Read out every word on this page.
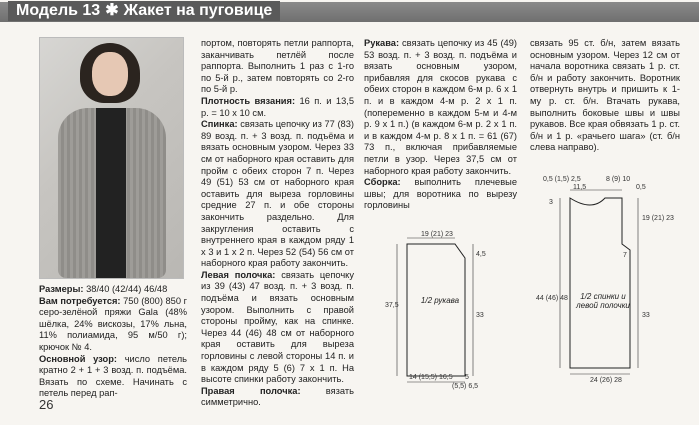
Модель 13 ✱ Жакет на пуговице

Размеры: 38/40 (42/44) 46/48

Вам потребуется: 750 (800) 850 г серо-зелёной пряжи Gala (48% шёлка, 24% вискозы, 17% льна, 11% полиамида, 95 м/50 г); крючок № 4.

Основной узор: число петель кратно 2 + 1 + 3 возд. п. подъёма. Вязать по схеме. Начинать с петель перед рап-

26

портом, повторять петли раппорта, заканчивать петлёй после раппорта. Выполнить 1 раз с 1-го по 5-й р., затем повторять со 2-го по 5-й р.

Плотность вязания: 16 п. и 13,5 р. = 10 х 10 см.

Спинка: связать цепочку из 77 (83) 89 возд. п. + 3 возд. п. подъёма и вязать основным узором. Через 33 см от наборного края оставить для пройм с обеих сторон 7 п. Через 49 (51) 53 см от наборного края оставить для выреза горловины средние 27 п. и обе стороны закончить раздельно. Для закругления оставить с внутреннего края в каждом ряду 1 х 3 и 1 х 2 п. Через 52 (54) 56 см от наборного края работу закончить.

Левая полочка: связать цепочку из 39 (43) 47 возд. п. + 3 возд. п. подъёма и вязать основным узором. Выполнить с правой стороны пройму, как на спинке. Через 44 (46) 48 см от наборного края оставить для выреза горловины с левой стороны 14 п. и в каждом ряду 5 (6) 7 х 1 п. На высоте спинки работу закончить.

Правая полочка: вязать симметрично.

Рукава: связать цепочку из 45 (49) 53 возд. п. + 3 возд. п. подъёма и вязать основным узором, прибавляя для скосов рукава с обеих сторон в каждом 6-м р. 6 х 1 п. и в каждом 4-м р. 2 х 1 п. (попеременно в каждом 5-м и 4-м р. 9 х 1 п.) (в каждом 6-м р. 2 х 1 п. и в каждом 4-м р. 8 х 1 п. = 61 (67) 73 п., включая прибавляемые петли в узор. Через 37,5 см от наборного края работу закончить.

Сборка: выполнить плечевые швы; для воротника по вырезу горловины

связать 95 ст. б/н, затем вязать основным узором. Через 12 см от начала воротника связать 1 р. ст. б/н и работу закончить. Воротник отвернуть внутрь и пришить к 1-му р. ст. б/н. Втачать рукава, выполнить боковые швы и швы рукавов. Все края обвязать 1 р. ст. б/н и 1 р. «рачьего шага» (ст. б/н слева направо).

19 (21) 23
4,5
37,5
33
1/2 рукава
14 (15,5) 16,5 5
(5,5) 6,5
0,5 (1,5) 2,5
11,5
8 (9) 10
0,5
3
19 (21) 23
44 (46) 48
7
33
1/2 спинки и левой полочки
24 (26) 28
